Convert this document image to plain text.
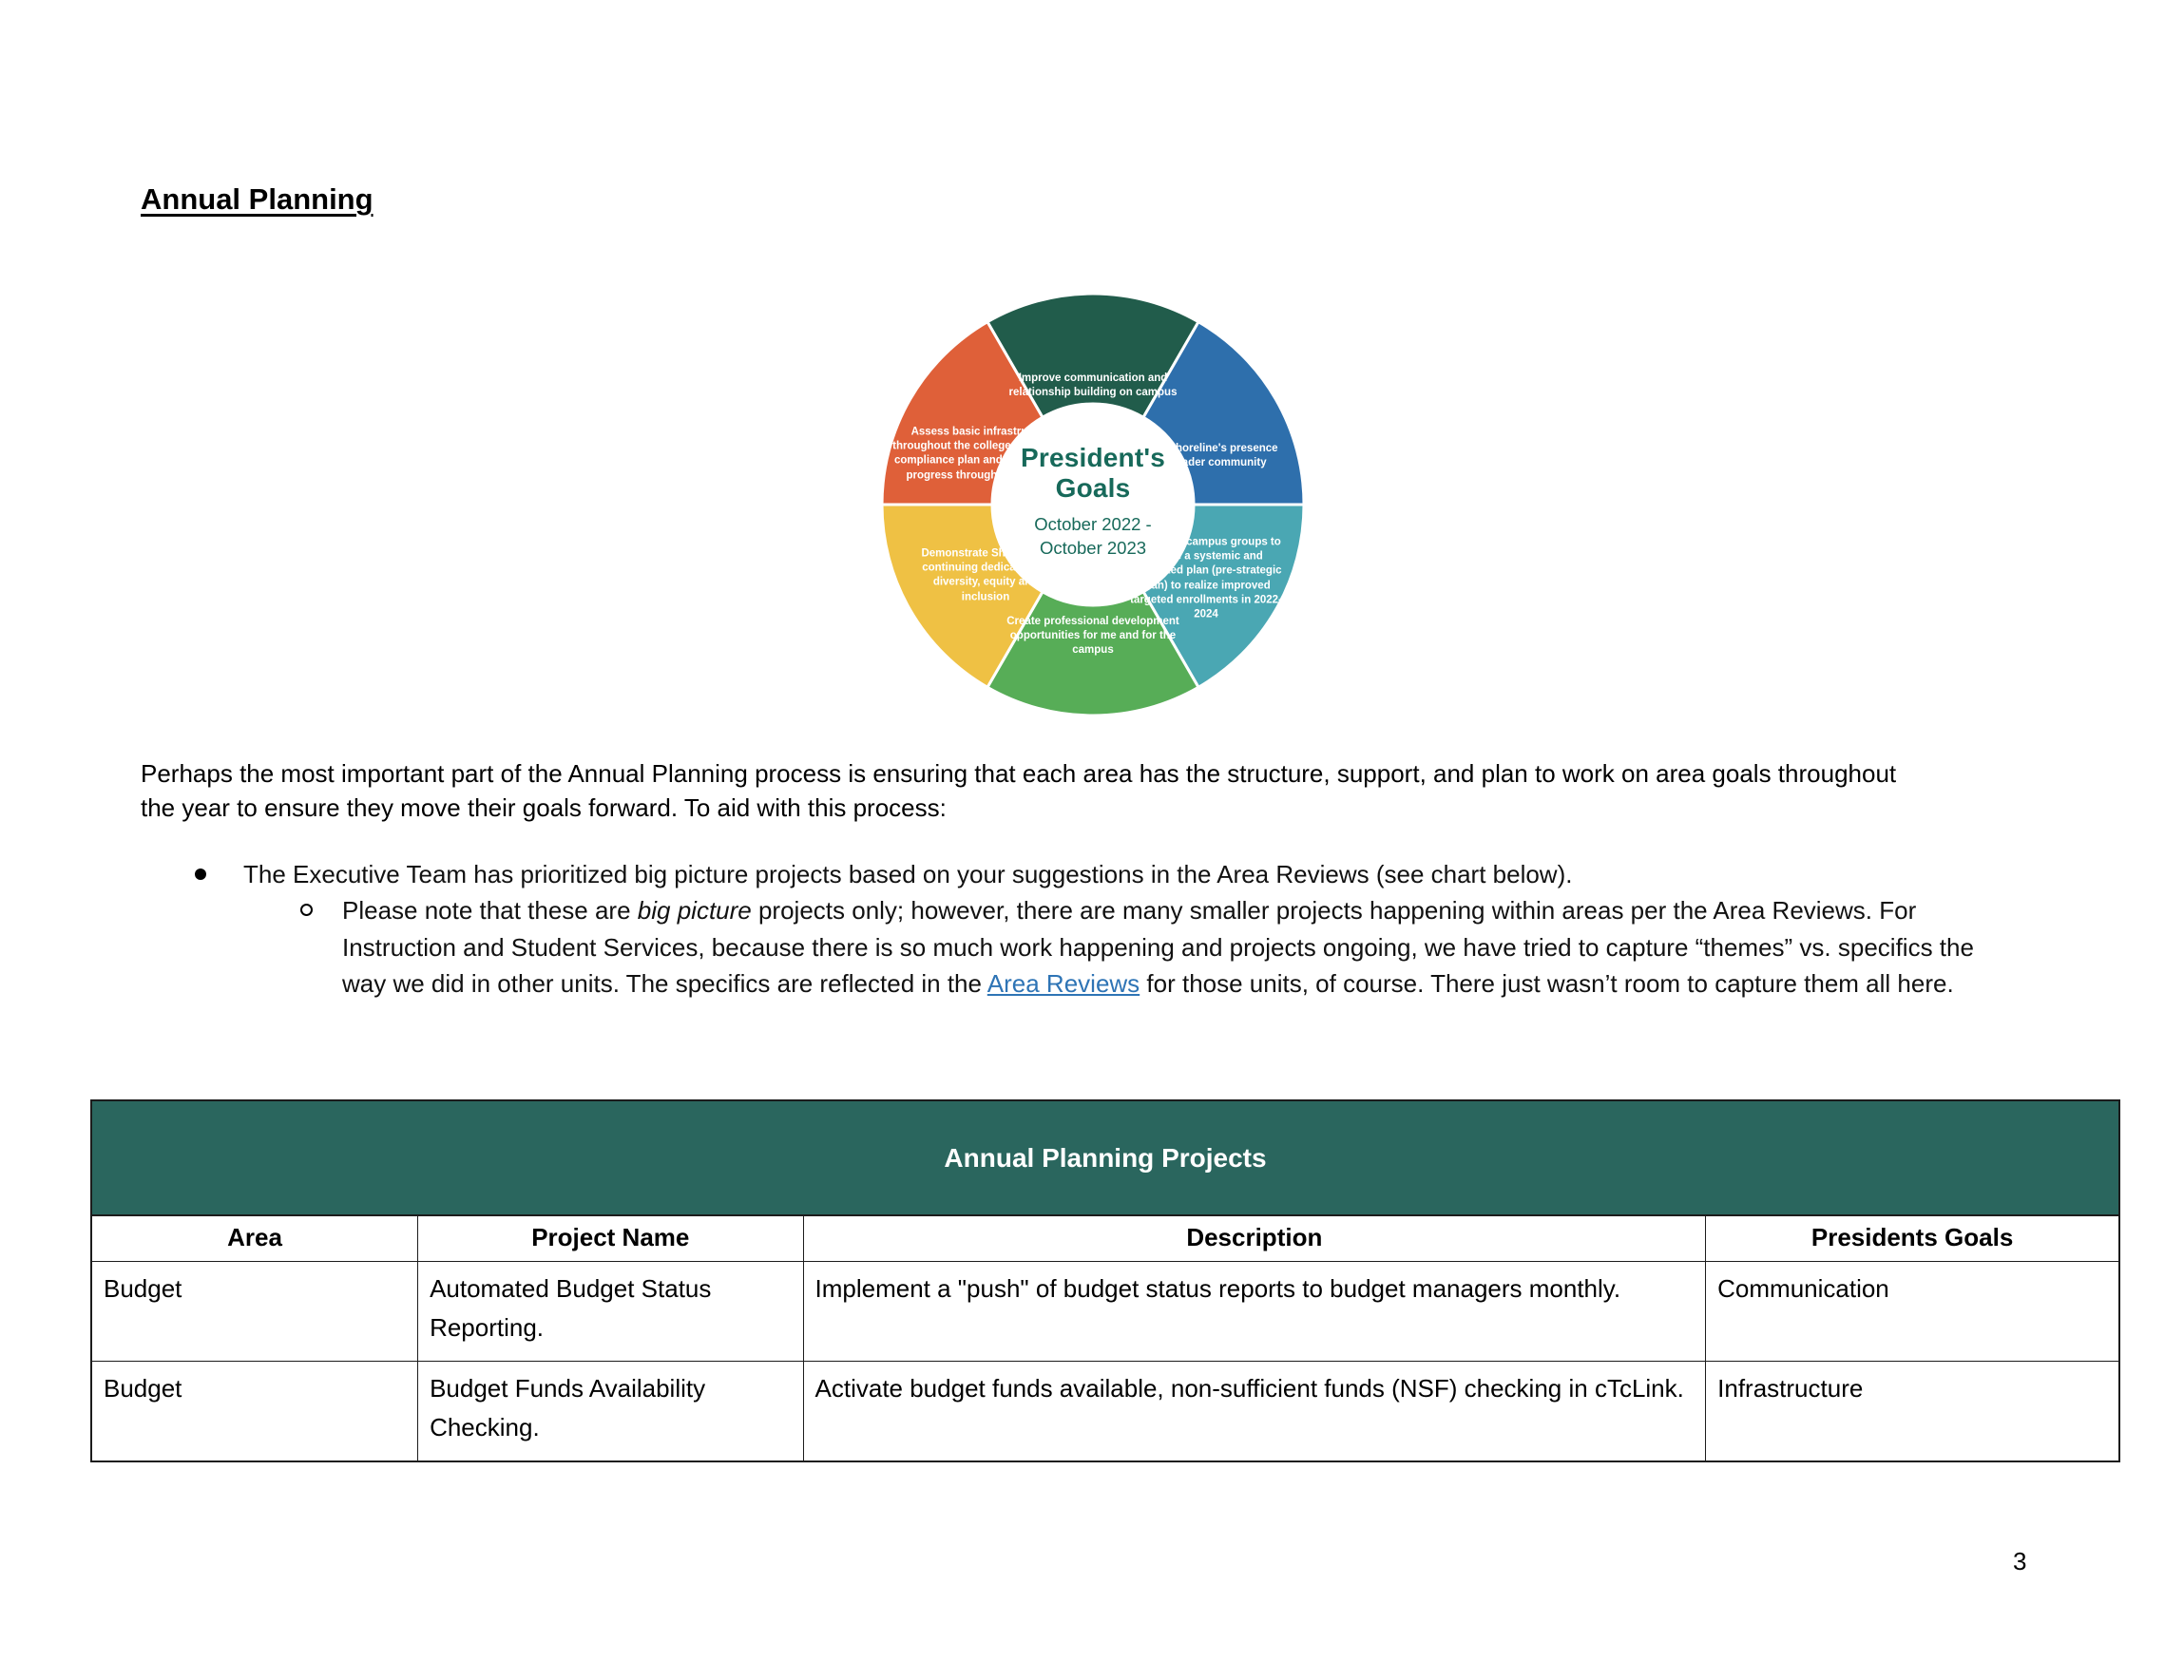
Annual Planning
Improve communication and relationship building on campus
Increase Shoreline's presence in the broader community
Work with campus groups to create a systemic and integrated plan (pre-strategic plan) to realize improved targeted enrollments in 2022-2024
Create professional development opportunities for me and for the campus
Demonstrate Shoreline's continuing dedication to diversity, equity and inclusion
Assess basic infrastructure throughout the college and bring a compliance plan and demonstrate progress throughout the year
President's Goals
October 2022 -
October 2023

Perhaps the most important part of the Annual Planning process is ensuring that each area has the structure, support, and plan to work on area goals throughout the year to ensure they move their goals forward. To aid with this process:

The Executive Team has prioritized big picture projects based on your suggestions in the Area Reviews (see chart below).
Please note that these are big picture projects only; however, there are many smaller projects happening within areas per the Area Reviews. For Instruction and Student Services, because there is so much work happening and projects ongoing, we have tried to capture “themes” vs. specifics the way we did in other units. The specifics are reflected in the Area Reviews for those units, of course. There just wasn’t room to capture them all here.
Annual Planning Projects
Area	Project Name	Description	Presidents Goals
Budget	Automated Budget Status Reporting.	Implement a "push" of budget status reports to budget managers monthly.	Communication
Budget	Budget Funds Availability Checking.	Activate budget funds available, non-sufficient funds (NSF) checking in cTcLink.	Infrastructure
3
